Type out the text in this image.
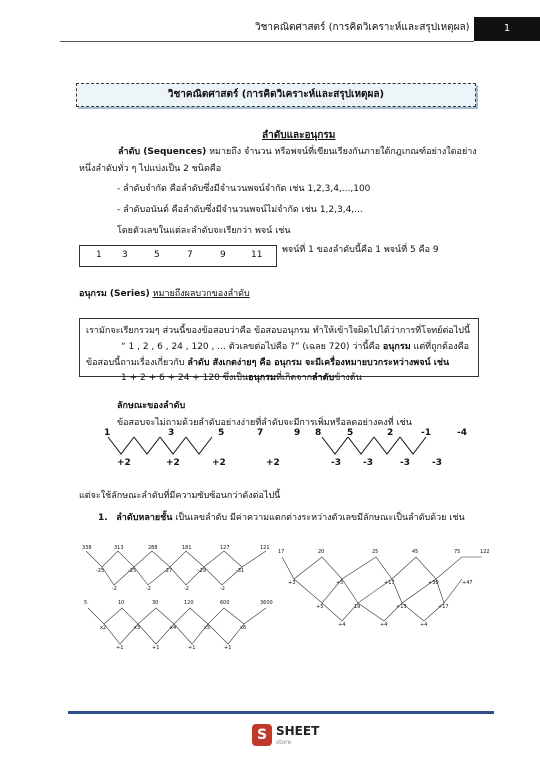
วิชาคณิตศาสตร์ (การคิดวิเคราะห์และสรุปเหตุผล)	1
วิชาคณิตศาสตร์ (การคิดวิเคราะห์และสรุปเหตุผล)
ลำดับและอนุกรม
ลำดับ (Sequences) หมายถึง จำนวน หรือพจน์ที่เขียนเรียงกันภายใต้กฎเกณฑ์อย่างใดอย่าง
หนึ่งลำดับทั่ว ๆ ไปแบ่งเป็น 2 ชนิดคือ
- ลำดับจำกัด คือลำดับซึ่งมีจำนวนพจน์จำกัด เช่น 1,2,3,4,...,100
- ลำดับอนันต์ คือลำดับซึ่งมีจำนวนพจน์ไม่จำกัด เช่น 1,2,3,4,...
โดยตัวเลขในแต่ละลำดับจะเรียกว่า พจน์ เช่น
1 3	5	7	9	11 พจน์ที่ 1 ของลำดับนี้คือ 1 พจน์ที่ 5 คือ 9
อนุกรม (Series) หมายถึงผลบวกของลำดับ
เรามักจะเรียกรวมๆ ส่วนนี้ของข้อสอบว่าคือ ข้อสอบอนุกรม ทำให้เข้าใจผิดไปได้ว่าการที่โจทย์ต่อไปนี้
“ 1 , 2 , 6 , 24 , 120 , ... ตัวเลขต่อไปคือ ?” (เฉลย 720) ว่านี้คือ อนุกรม แต่ที่ถูกต้องคือ
ข้อสอบนี้ถามเรื่องเกี่ยวกับ ลำดับ สังเกตง่ายๆ คือ อนุกรม จะมีเครื่องหมายบวกระหว่างพจน์ เช่น
1 + 2 + 6 + 24 + 120 ซึ่งเป็นอนุกรมที่เกิดจากลำดับข้างต้น
ลักษณะของลำดับ
ข้อสอบจะไม่ถามด้วยลำดับอย่างง่ายที่ลำดับจะมีการเพิ่มหรือลดอย่างคงที่ เช่น
1	3	5	7	9
+2	+2	+2	+2
8	5	2	-1	-4
-3 -3	-3 -3
แต่จะใช้ลักษณะลำดับที่มีความซับซ้อนกว่าดังต่อไปนี้
1. ลำดับหลายชั้น เป็นเลขลำดับ มีค่าความแตกต่างระหว่างตัวเลขมีลักษณะเป็นลำดับด้วย เช่น
338	313	288	181	127	121
-25	-25	-27	-29	-31
-2	-2	-2	-2
17	20	25	45	75	122
+3	+5	+17	+30	+47
+5	19	+13	+17
+4	+4	+4
5	10	30	120	600	3600
x2	x3	x4	x5	x6
+1	+1	+1	+1
S SHEET
store
